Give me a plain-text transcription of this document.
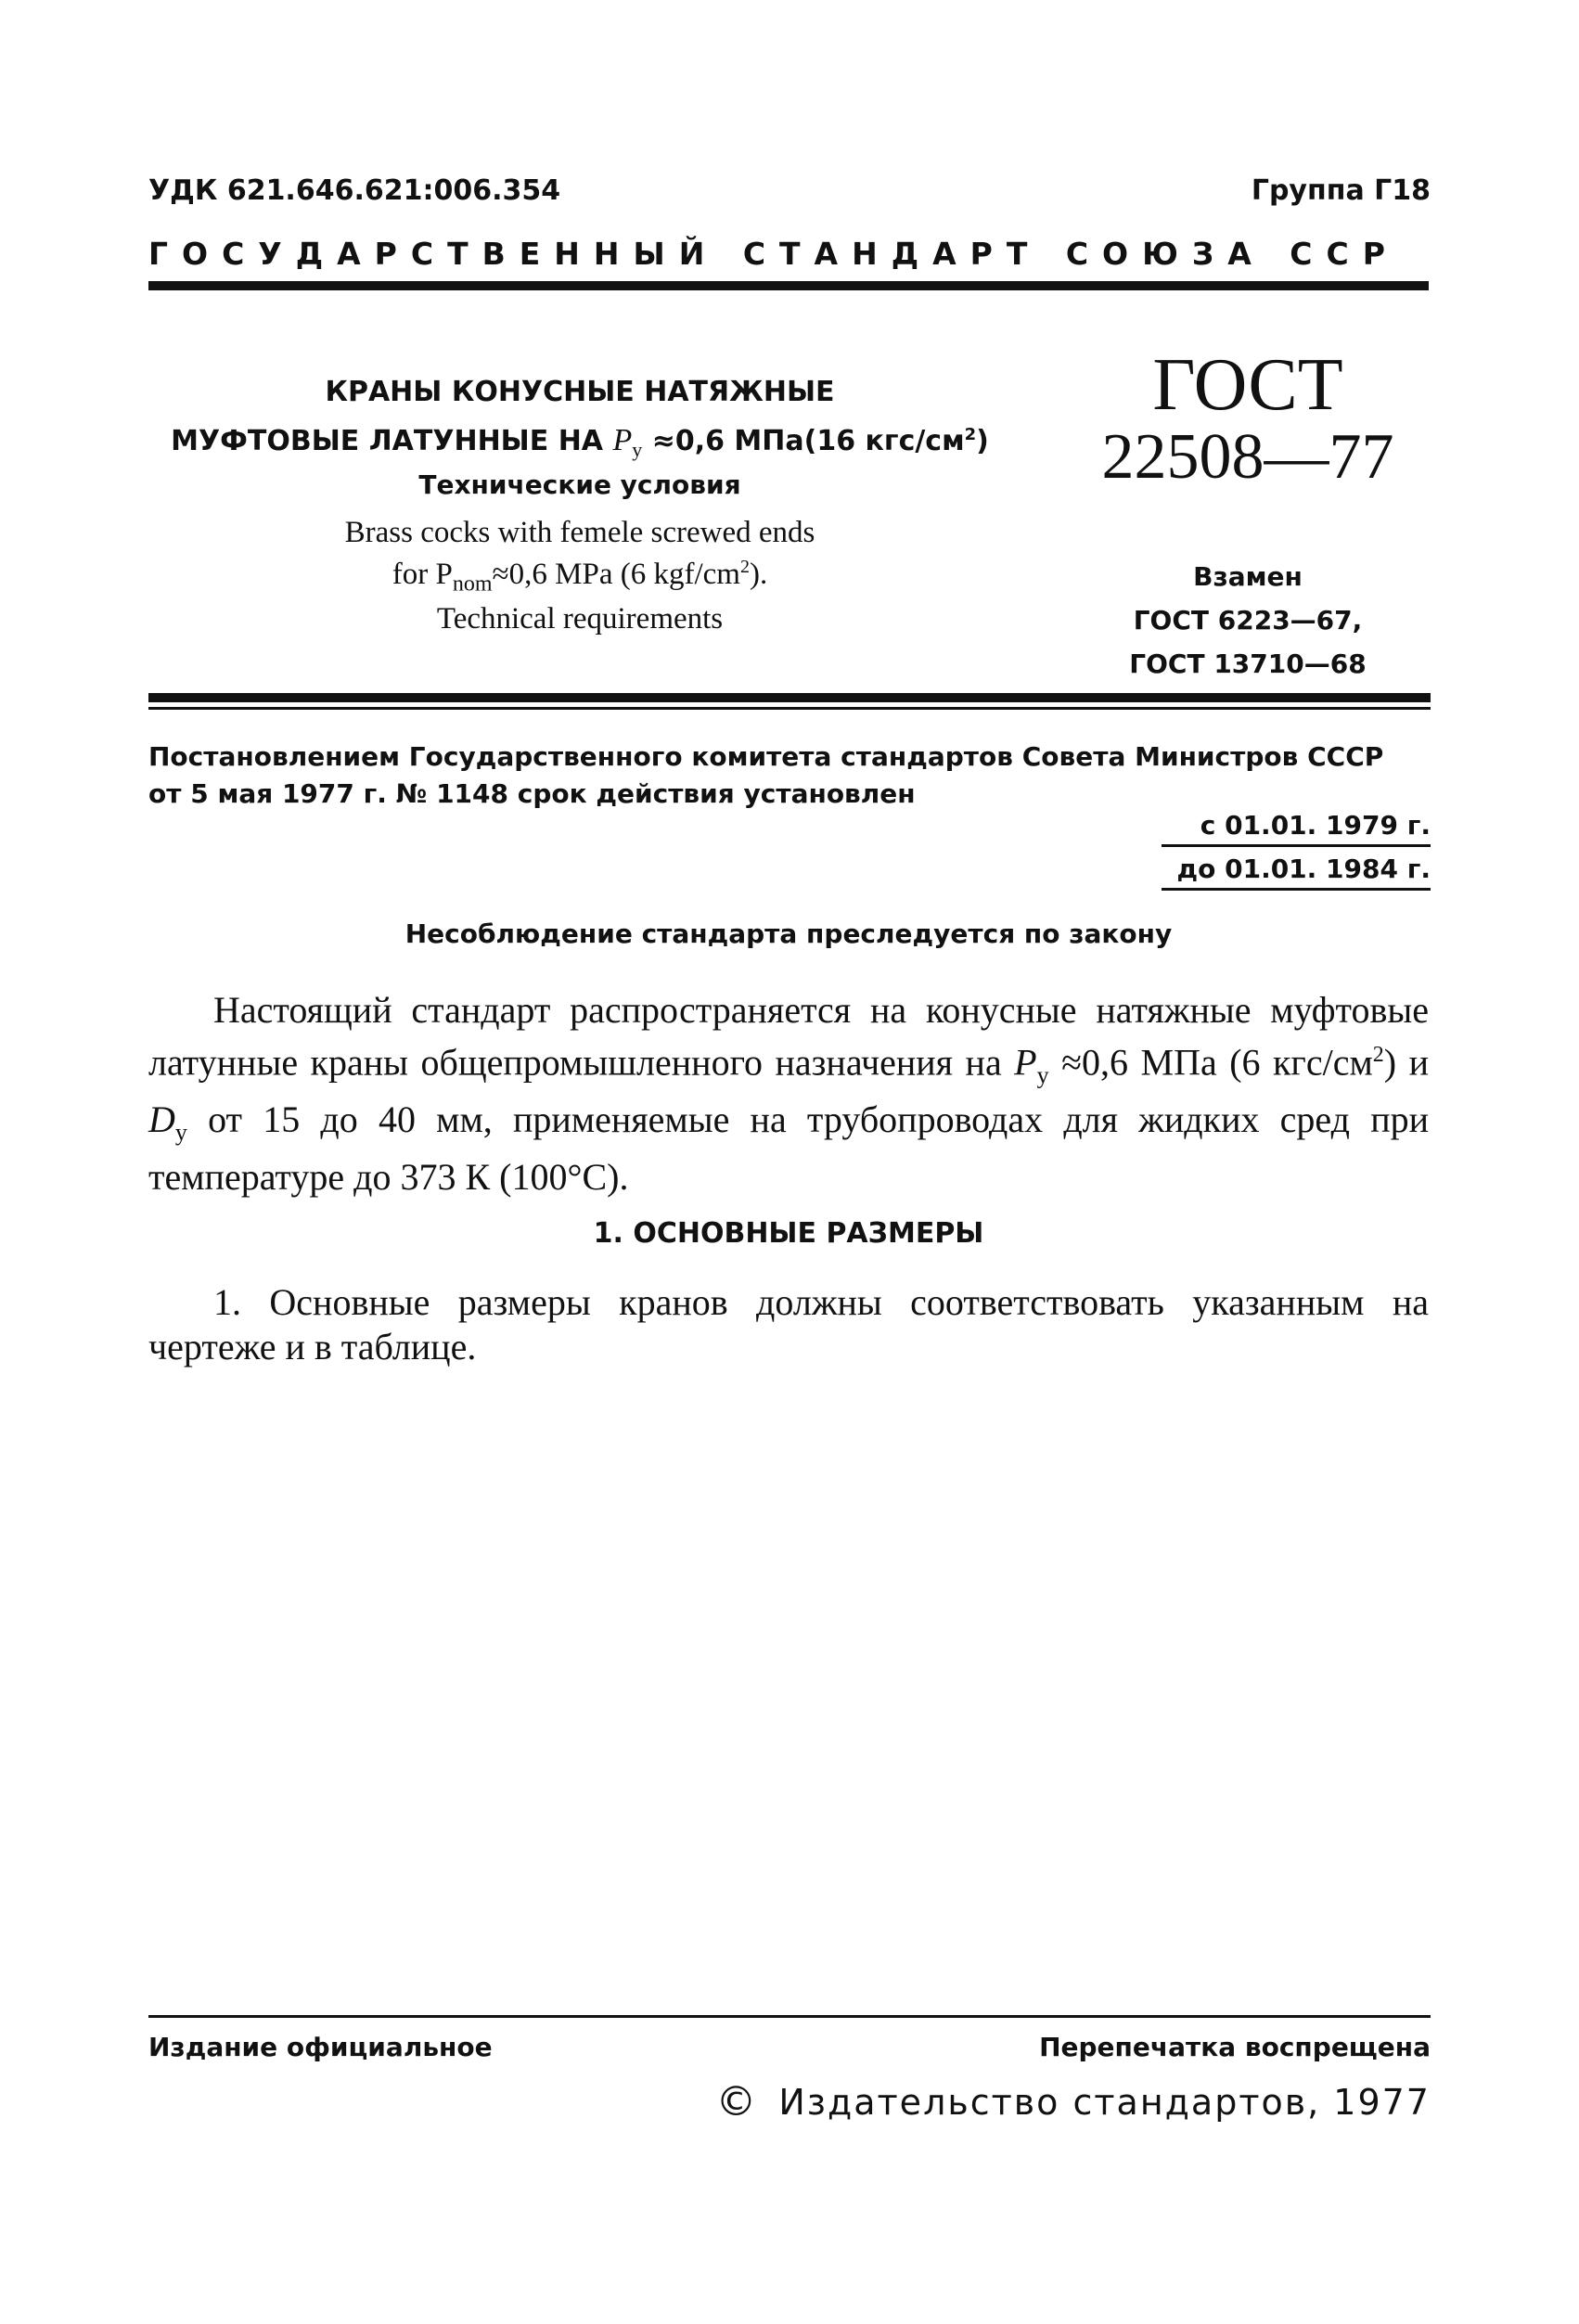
УДК 621.646.621:006.354	Группа Г18
ГОСУДАРСТВЕННЫЙ СТАНДАРТ СОЮЗА ССР
КРАНЫ КОНУСНЫЕ НАТЯЖНЫЕ
МУФТОВЫЕ ЛАТУННЫЕ НА $P_y \approx 0,6$ МПа(16 кгс/$см^2$)
Технические условия
Brass cocks with femele screwed ends
for $P_{nom}\approx 0,6$ MPa (6 kgf/$cm^2$).
Technical requirements
ГОСТ
22508—77
Взамен
ГОСТ 6223—67,
ГОСТ 13710—68
Постановлением Государственного комитета стандартов Совета Министров СССР
от 5 мая 1977 г. № 1148 срок действия установлен
с 01.01. 1979 г.
до 01.01. 1984 г.
Несоблюдение стандарта преследуется по закону
Настоящий стандарт распространяется на конусные натяжные муфтовые латунные краны общепромышленного назначения на $P_y \approx 0,6$ МПа (6 кгс/$см^2$) и $D_y$ от 15 до 40 мм, применяемые на трубопроводах для жидких сред при температуре до 373 К (100°С).
1. ОСНОВНЫЕ РАЗМЕРЫ
1. Основные размеры кранов должны соответствовать указанным на чертеже и в таблице.
Издание официальное	Перепечатка воспрещена
© Издательство стандартов, 1977
